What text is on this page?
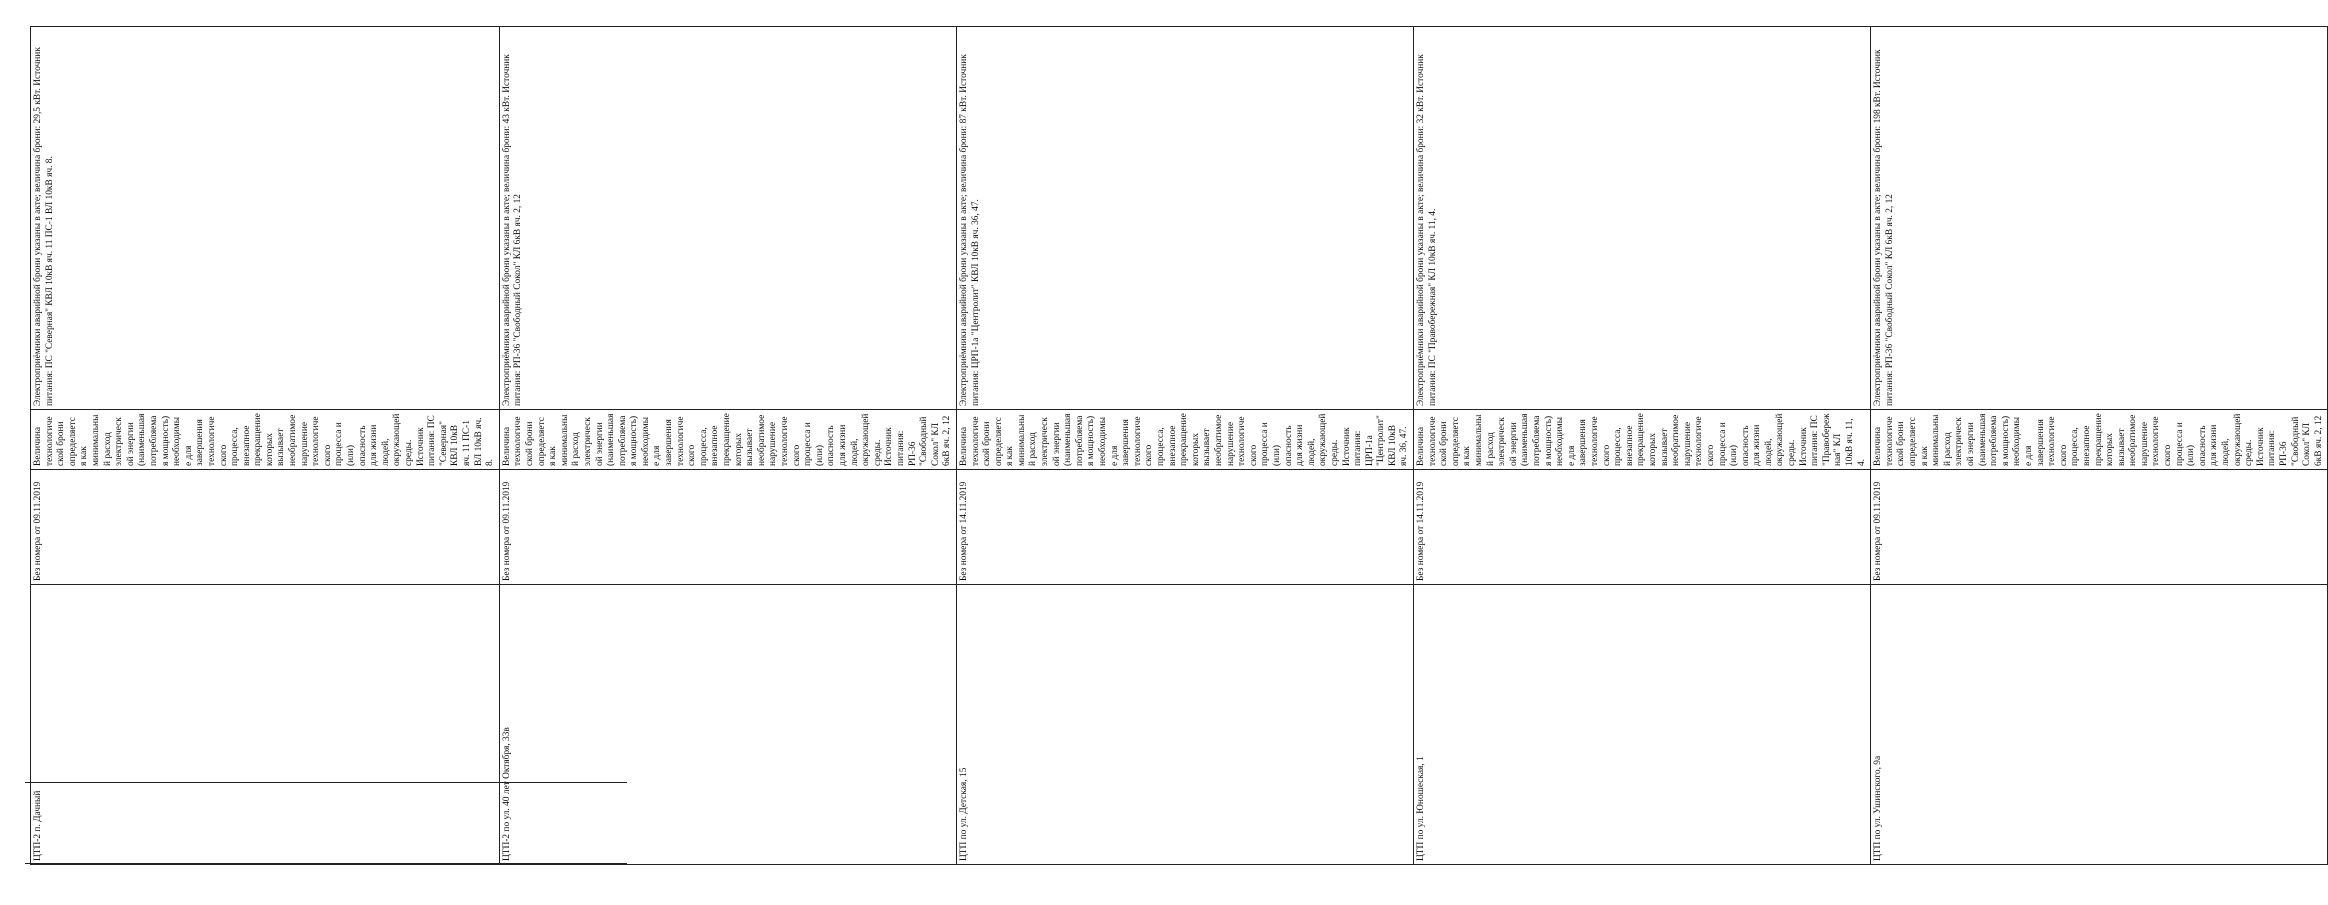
ЦТП-2 п. Дачный	Без номера от 09.11.2019	Величина технологической брони определяется как минимальный расход электрической энергии (наименьшая потребляемая мощность) необходимые для завершения технологического процесса, внезапное прекращение которых вызывает необратимое нарушение технологического процесса и (или) опасность для жизни людей, окружающей среды. Источник питания: ПС "Северная" КВЛ 10кВ яч. 11 ПС-1 ВЛ 10кВ яч. 8.	Электроприёмники аварийной брони указаны в акте; величина брони: 29,5 кВт. Источник питания: ПС "Северная" КВЛ 10кВ яч. 11 ПС-1 ВЛ 10кВ яч. 8.
ЦТП-2 по ул. 40 лет Октября, 33в	Без номера от 09.11.2019	Величина технологической брони определяется как минимальный расход электрической энергии (наименьшая потребляемая мощность) необходимые для завершения технологического процесса, внезапное прекращение которых вызывает необратимое нарушение технологического процесса и (или) опасность для жизни людей, окружающей среды. Источник питания: РП-36 "Свободный Сокол" КЛ 6кВ яч. 2, 12	Электроприёмники аварийной брони указаны в акте; величина брони: 43 кВт. Источник питания: РП-36 "Свободный Сокол" КЛ 6кВ яч. 2, 12
ЦТП по ул. Детская, 15	Без номера от 14.11.2019	Величина технологической брони определяется как минимальный расход электрической энергии (наименьшая потребляемая мощность) необходимые для завершения технологического процесса, внезапное прекращение которых вызывает необратимое нарушение технологического процесса и (или) опасность для жизни людей, окружающей среды. Источник питания: ЦРП-1а "Центролит" КВЛ 10кВ яч. 36, 47.	Электроприёмники аварийной брони указаны в акте; величина брони: 87 кВт. Источник питания: ЦРП-1а "Центролит" КВЛ 10кВ яч. 36, 47.
ЦТП по ул. Юношеская, 1	Без номера от 14.11.2019	Величина технологической брони определяется как минимальный расход электрической энергии (наименьшая потребляемая мощность) необходимые для завершения технологического процесса, внезапное прекращение которых вызывает необратимое нарушение технологического процесса и (или) опасность для жизни людей, окружающей среды. Источник питания: ПС "Правобережная" КЛ 10кВ яч. 11, 4.	Электроприёмники аварийной брони указаны в акте; величина брони: 32 кВт. Источник питания: ПС "Правобережная" КЛ 10кВ яч. 11, 4.
ЦТП по ул. Ушинского, 9а	Без номера от 09.11.2019	Величина технологической брони определяется как минимальный расход электрической энергии (наименьшая потребляемая мощность) необходимые для завершения технологического процесса, внезапное прекращение которых вызывает необратимое нарушение технологического процесса и (или) опасность для жизни людей, окружающей среды. Источник питания: РП-36 "Свободный Сокол" КЛ 6кВ яч. 2, 12	Электроприёмники аварийной брони указаны в акте; величина брони: 198 кВт. Источник питания: РП-36 "Свободный Сокол" КЛ 6кВ яч. 2, 12
